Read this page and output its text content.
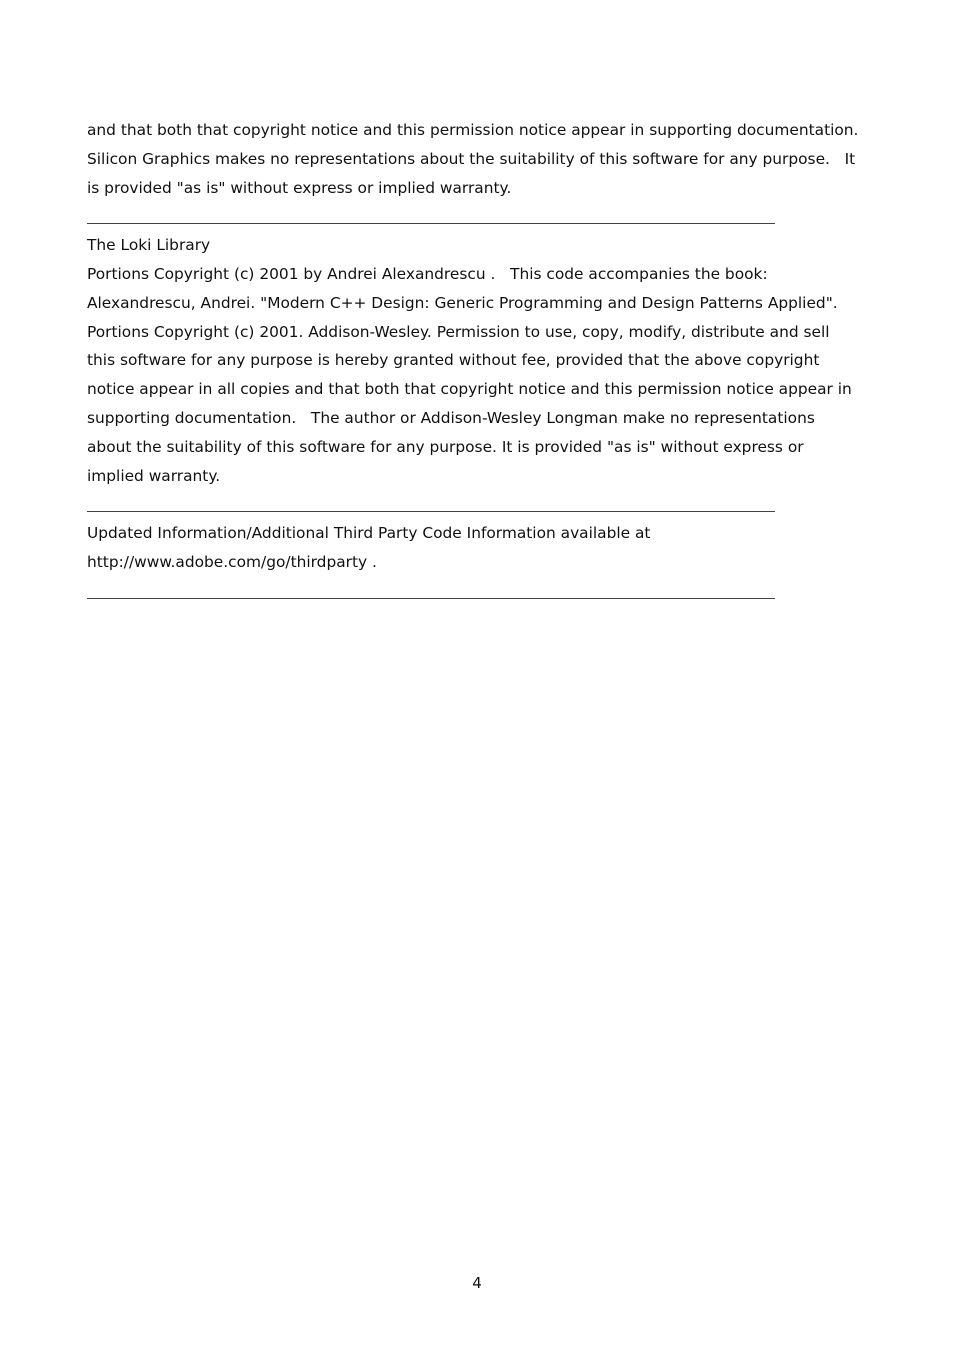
and that both that copyright notice and this permission notice appear in supporting documentation.
Silicon Graphics makes no representations about the suitability of this software for any purpose.   It
is provided "as is" without express or implied warranty.
The Loki Library
Portions Copyright (c) 2001 by Andrei Alexandrescu .   This code accompanies the book:
Alexandrescu, Andrei. "Modern C++ Design: Generic Programming and Design Patterns Applied".
Portions Copyright (c) 2001. Addison-Wesley. Permission to use, copy, modify, distribute and sell
this software for any purpose is hereby granted without fee, provided that the above copyright
notice appear in all copies and that both that copyright notice and this permission notice appear in
supporting documentation.   The author or Addison-Wesley Longman make no representations
about the suitability of this software for any purpose. It is provided "as is" without express or
implied warranty.
Updated Information/Additional Third Party Code Information available at
http://www.adobe.com/go/thirdparty .
4
